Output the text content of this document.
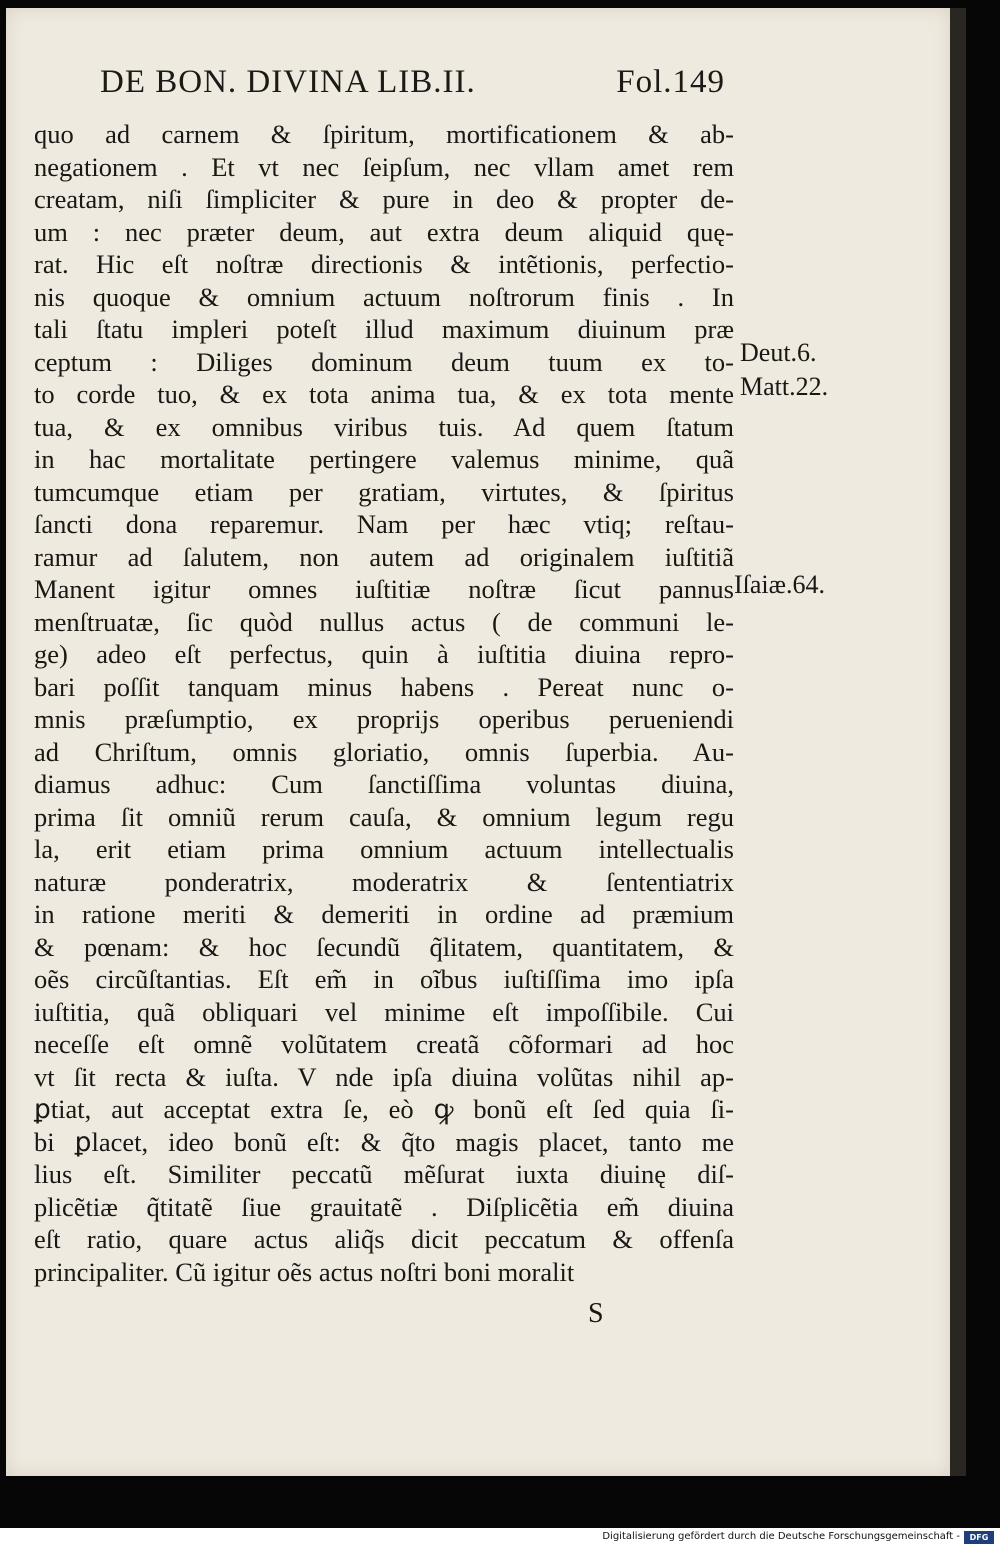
DE BON. DIVINA LIB.II.	Fol.149
quo ad carnem & ſpiritum, mortificationem & ab-
negationem . Et vt nec ſeipſum, nec vllam amet rem
creatam, niſi ſimpliciter & pure in deo & propter de-
um : nec præter deum, aut extra deum aliquid quę-
rat. Hic eſt noſtræ directionis & intẽtionis, perfectio-
nis quoque & omnium actuum noſtrorum finis . In
tali ſtatu impleri poteſt illud maximum diuinum præ
ceptum : Diliges dominum deum tuum ex to-
to corde tuo, & ex tota anima tua, & ex tota mente
tua, & ex omnibus viribus tuis. Ad quem ſtatum
in hac mortalitate pertingere valemus minime, quã
tumcumque etiam per gratiam, virtutes, & ſpiritus
ſancti dona reparemur. Nam per hæc vtiq; reſtau-
ramur ad ſalutem, non autem ad originalem iuſtitiã
Manent igitur omnes iuſtitiæ noſtræ ſicut pannus
menſtruatæ, ſic quòd nullus actus ( de communi le-
ge) adeo eſt perfectus, quin à iuſtitia diuina repro-
bari poſſit tanquam minus habens . Pereat nunc o-
mnis præſumptio, ex proprijs operibus perueniendi
ad Chriſtum, omnis gloriatio, omnis ſuperbia. Au-
diamus adhuc: Cum ſanctiſſima voluntas diuina,
prima ſit omniũ rerum cauſa, & omnium legum regu
la, erit etiam prima omnium actuum intellectualis
naturæ ponderatrix, moderatrix & ſententiatrix
in ratione meriti & demeriti in ordine ad præmium
& pœnam: & hoc ſecundũ q̃litatem, quantitatem, &
oẽs circũſtantias. Eſt em̃ in oĩbus iuſtiſſima imo ipſa
iuſtitia, quã obliquari vel minime eſt impoſſibile. Cui
neceſſe eſt omnẽ volũtatem creatã cõformari ad hoc
vt ſit recta & iuſta. V nde ipſa diuina volũtas nihil ap-
ꝑtiat, aut acceptat extra ſe, eò ꝙ bonũ eſt ſed quia ſi-
bi ꝑlacet, ideo bonũ eſt: & q̃to magis placet, tanto me
lius eſt. Similiter peccatũ mẽſurat iuxta diuinę diſ-
plicẽtiæ q̃titatẽ ſiue grauitatẽ . Diſplicẽtia em̃ diuina
eſt ratio, quare actus aliq̃s dicit peccatum & offenſa
principaliter. Cũ igitur oẽs actus noſtri boni moralit
Deut.6.
Matt.22.
Iſaiæ.64.
S
Digitalisierung gefördert durch die Deutsche Forschungsgemeinschaft -	DFG
